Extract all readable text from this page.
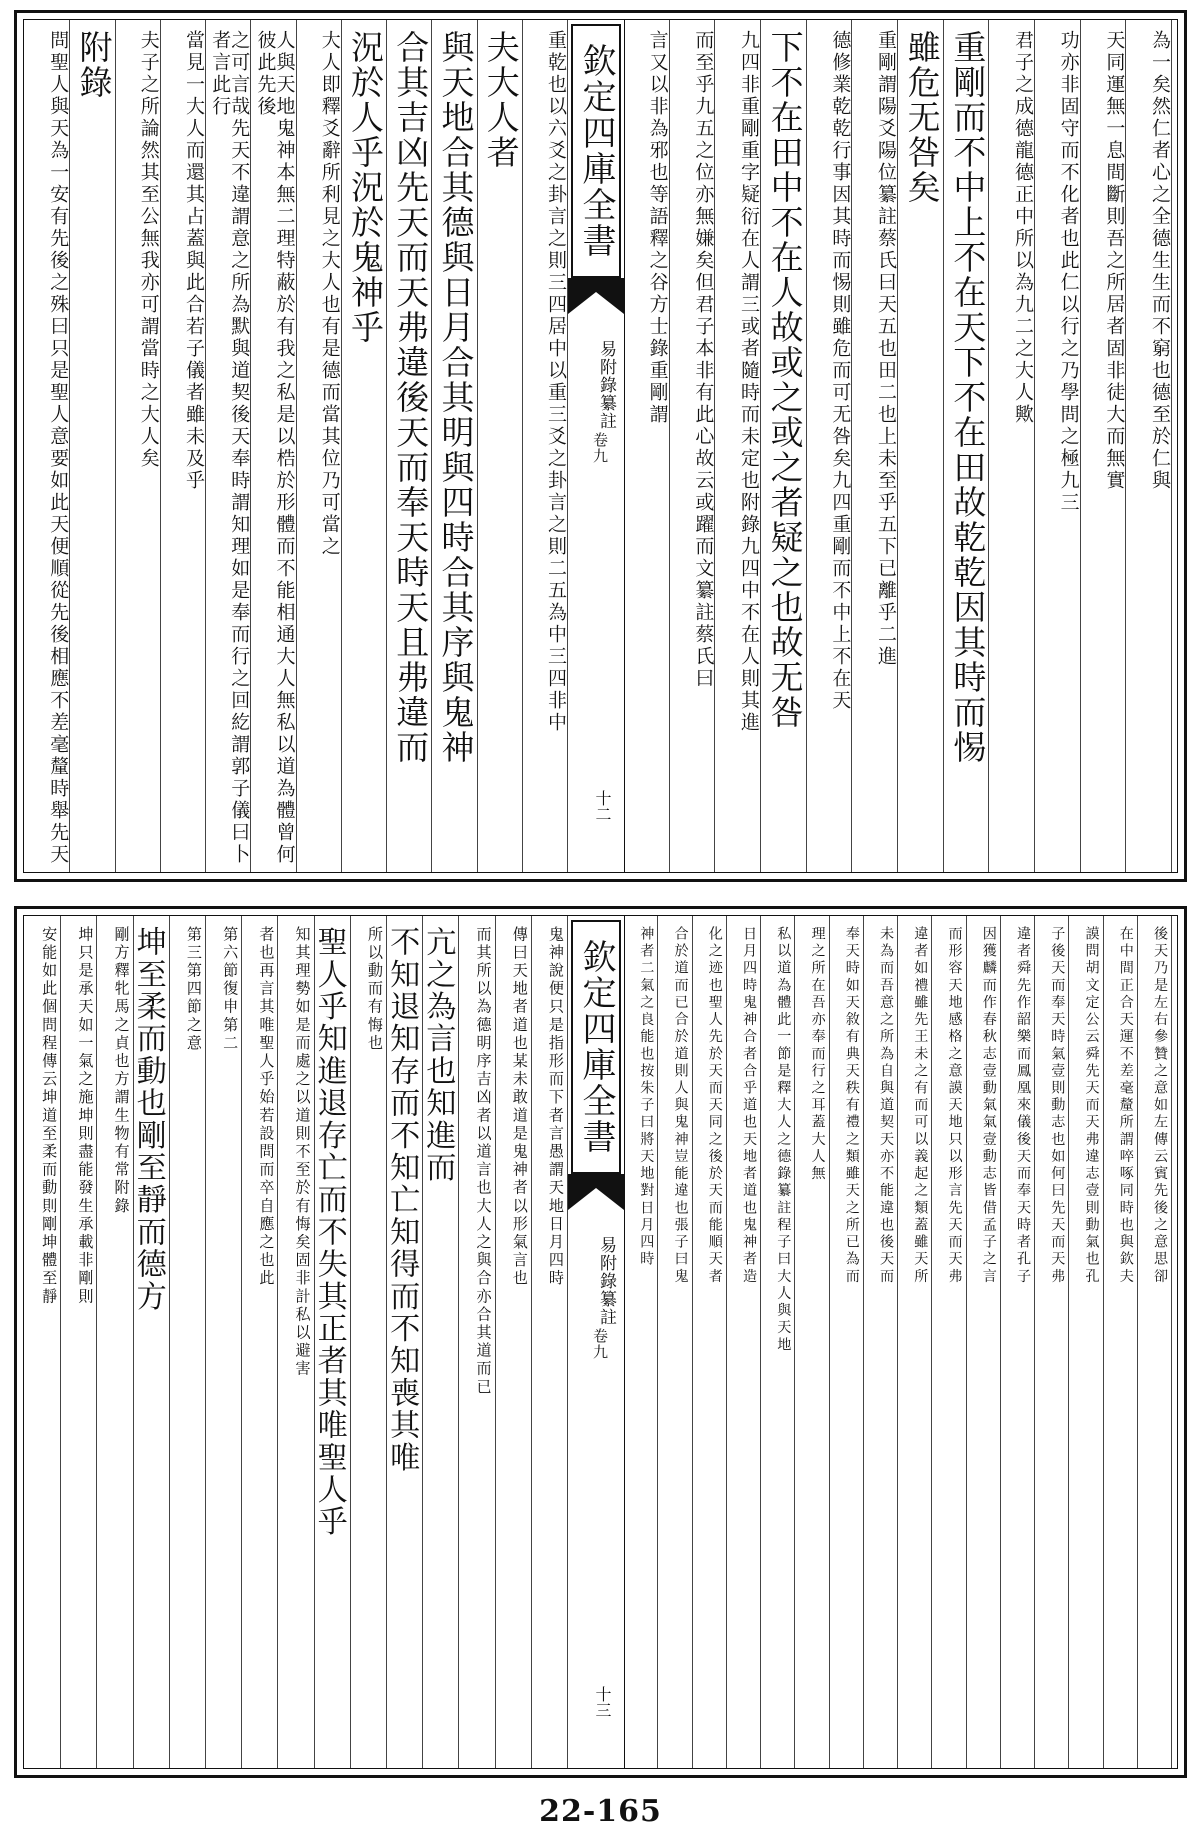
欽定四庫全書
易附錄纂註
卷九
十二
為一矣然仁者心之全德生生而不窮也德至於仁與
天同運無一息間斷則吾之所居者固非徒大而無實
功亦非固守而不化者也此仁以行之乃學問之極九三
君子之成德龍德正中所以為九二之大人歟
重剛而不中上不在天下不在田故乾乾因其時而惕
雖危无咎矣
重剛謂陽爻陽位纂註蔡氏曰天五也田二也上未至乎五下已離乎二進
德修業乾乾行事因其時而惕則雖危而可无咎矣九四重剛而不中上不在天
下不在田中不在人故或之或之者疑之也故无咎
九四非重剛重字疑衍在人謂三或者隨時而未定也附錄九四中不在人則其進
而至乎九五之位亦無嫌矣但君子本非有此心故云或躍而文纂註蔡氏曰
言又以非為邪也等語釋之谷方士錄重剛謂
重乾也以六爻之卦言之則三四居中以重三爻之卦言之則二五為中三四非中
夫大人者
與天地合其德與日月合其明與四時合其序與鬼神
合其吉凶先天而天弗違後天而奉天時天且弗違而
況於人乎況於鬼神乎
大人即釋爻辭所利見之大人也有是德而當其位乃可當之
人與天地鬼神本無二理特蔽於有我之私是以梏於形體而不能相通大人無私以道為體曾何彼此先後
之可言哉先天不違謂意之所為默與道契後天奉時謂知理如是奉而行之回紇謂郭子儀曰卜者言此行
當見一大人而還其占蓋與此合若子儀者雖未及乎
夫子之所論然其至公無我亦可謂當時之大人矣
附錄
問聖人與天為一安有先後之殊曰只是聖人意要如此天便順從先後相應不差毫釐時舉先天
欽定四庫全書
易附錄纂註
卷九
十三
後天乃是左右參贊之意如左傳云賓先後之意思卻
在中間正合天運不差毫釐所謂啐啄同時也與欽夫
謨問胡文定公云舜先天而天弗違志壹則動氣也孔
子後天而奉天時氣壹則動志也如何曰先天而天弗
違者舜先作韶樂而鳳凰來儀後天而奉天時者孔子
因獲麟而作春秋志壹動氣氣壹動志皆借孟子之言
而形容天地感格之意謨天地只以形言先天而天弗
違者如禮雖先王未之有而可以義起之類蓋雖天所
未為而吾意之所為自與道契天亦不能違也後天而
奉天時如天敘有典天秩有禮之類雖天之所已為而
理之所在吾亦奉而行之耳蓋大人無
私以道為體此一節是釋大人之德錄纂註程子曰大人與天地
日月四時鬼神合者合乎道也天地者道也鬼神者造
化之迹也聖人先於天而天同之後於天而能順天者
合於道而已合於道則人與鬼神豈能違也張子曰鬼
神者二氣之良能也按朱子曰將天地對日月四時
鬼神說便只是指形而下者言愚謂天地日月四時
傳曰天地者道也某未敢道是鬼神者以形氣言也
而其所以為德明序吉凶者以道言也大人之與合亦合其道而已
亢之為言也知進而
不知退知存而不知亡知得而不知喪其唯
所以動而有悔也
聖人乎知進退存亡而不失其正者其唯聖人乎
知其理勢如是而處之以道則不至於有悔矣固非計私以避害
者也再言其唯聖人乎始若設問而卒自應之也此
第六節復申第二
第三第四節之意
坤至柔而動也剛至靜而德方
剛方釋牝馬之貞也方謂生物有常附錄
坤只是承天如一氣之施坤則盡能發生承載非剛則
安能如此個問程傳云坤道至柔而動則剛坤體至靜
22-165
